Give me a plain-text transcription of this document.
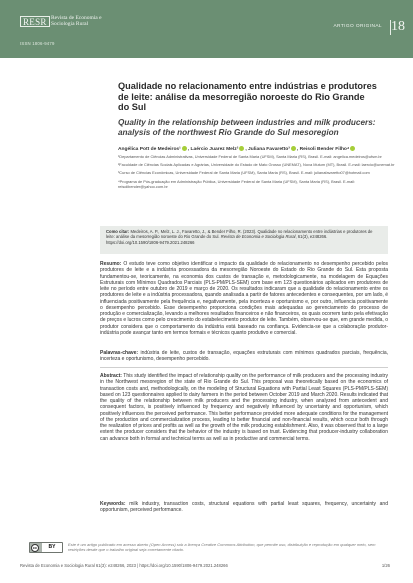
RESR Revista de Economia e Sociologia Rural
ISSN 1806-9479
ARTIGO ORIGINAL 18
Qualidade no relacionamento entre indústrias e produtores de leite: análise da mesorregião noroeste do Rio Grande do Sul
Quality in the relationship between industries and milk producers: analysis of the northwest Rio Grande do Sul mesoregion
Angélica Pott de Medeiros¹ , Laércio Juarez Melz² , Juliana Favaretto³ , Reisoli Bender Filho⁴

¹Departamento de Ciências Administrativas, Universidade Federal de Santa Maria (UFSM), Santa Maria (RS), Brasil. E-mail: angelica.medeiros@ufsm.br

²Faculdade de Ciências Sociais Aplicadas e Agrárias, Universidade do Estado de Mato Grosso (UNEMAT), Nova Mutum (MT), Brasil. E-mail: laercio@unemat.br

³Curso de Ciências Econômicas, Universidade Federal de Santa Maria (UFSM), Santa Maria (RS), Brasil. E-mail: julianafavaretto07@hotmail.com

⁴Programa de Pós-graduação em Administração Pública, Universidade Federal de Santa Maria (UFSM), Santa Maria (RS), Brasil. E-mail: reisolibender@yahoo.com.br

Como citar: Medeiros, A. P., Melz, L. J., Favaretto, J., & Bender Filho, R. (2023). Qualidade no relacionamento entre indústrias e produtores de leite: análise da mesorregião noroeste do Rio Grande do Sul. Revista de Economia e Sociologia Rural, 61(3), e248266. https://doi.org/10.1590/1806-9479.2021.248266

Resumo: O estudo teve como objetivo identificar o impacto da qualidade do relacionamento no desempenho percebido pelos produtores de leite e a indústria processadora da mesorregião Noroeste do Estado do Rio Grande do Sul. Esta proposta fundamentou-se, teoricamente, na economia dos custos de transação e, metodologicamente, na modelagem de Equações Estruturais com Mínimos Quadrados Parciais (PLS-PM/PLS-SEM) com base em 123 questionários aplicados em produtores de leite no período entre outubro de 2019 e março de 2020. Os resultados indicaram que a qualidade do relacionamento entre os produtores de leite e a indústria processadora, quando analisada a partir de fatores antecedentes e consequentes, por um lado, é influenciada positivamente pela frequência e, negativamente, pela incerteza e oportunismo e, por outro, influencia positivamente o desempenho percebido. Esse desempenho proporciona condições mais adequadas ao gerenciamento do processo de produção e comercialização, levando a melhores resultados financeiros e não financeiros, os quais ocorrem tanto pela efetivação de preços e lucros como pelo crescimento do estabelecimento produtor de leite. Também, observou-se que, em grande medida, o produtor considera que o comportamento da indústria está baseado na confiança. Evidencia-se que a colaboração produtor-indústria pode avançar tanto em termos formais e técnicos quanto produtivo e comercial.

Palavras-chave: indústria de leite, custos de transação, equações estruturais com mínimos quadrados parciais, frequência, incerteza e oportunismo, desempenho percebido.

Abstract: This study identified the impact of relationship quality on the performance of milk producers and the processing industry in the Northwest mesoregion of the state of Rio Grande do Sul. This proposal was theoretically based on the economics of transaction costs and, methodologically, on the modeling of Structural Equations with Partial Least Squares (PLS-PM/PLS-SEM) based on 123 questionnaires applied to dairy farmers in the period between October 2019 and March 2020. Results indicated that the quality of the relationship between milk producers and the processing industry, when analyzed from antecedent and consequent factors, is positively influenced by frequency and negatively influenced by uncertainty and opportunism, which positively influences the perceived performance. This better performance provided more adequate conditions for the management of the production and commercialization process, leading to better financial and non-financial results, which occur both through the realization of prices and profits as well as the growth of the milk producing establishment. Also, it was observed that to a large extent the producer considers that the behavior of the industry is based on trust. Evidencing that producer-industry collaboration can advance both in formal and technical terms as well as in productive and commercial terms.

Keywords: milk industry, transaction costs, structural equations with partial least squares, frequency, uncertainty and opportunism, perceived performance.

cc	BY	Este é um artigo publicado em acesso aberto (Open Access) sob a licença Creative Commons Attribution, que permite uso, distribuição e reprodução em qualquer meio, sem restrições desde que o trabalho original seja corretamente citado.

Revista de Economia e Sociologia Rural 61(3): e248266, 2023 | https://doi.org/10.1590/1806-9479.2021.248266	1/26
